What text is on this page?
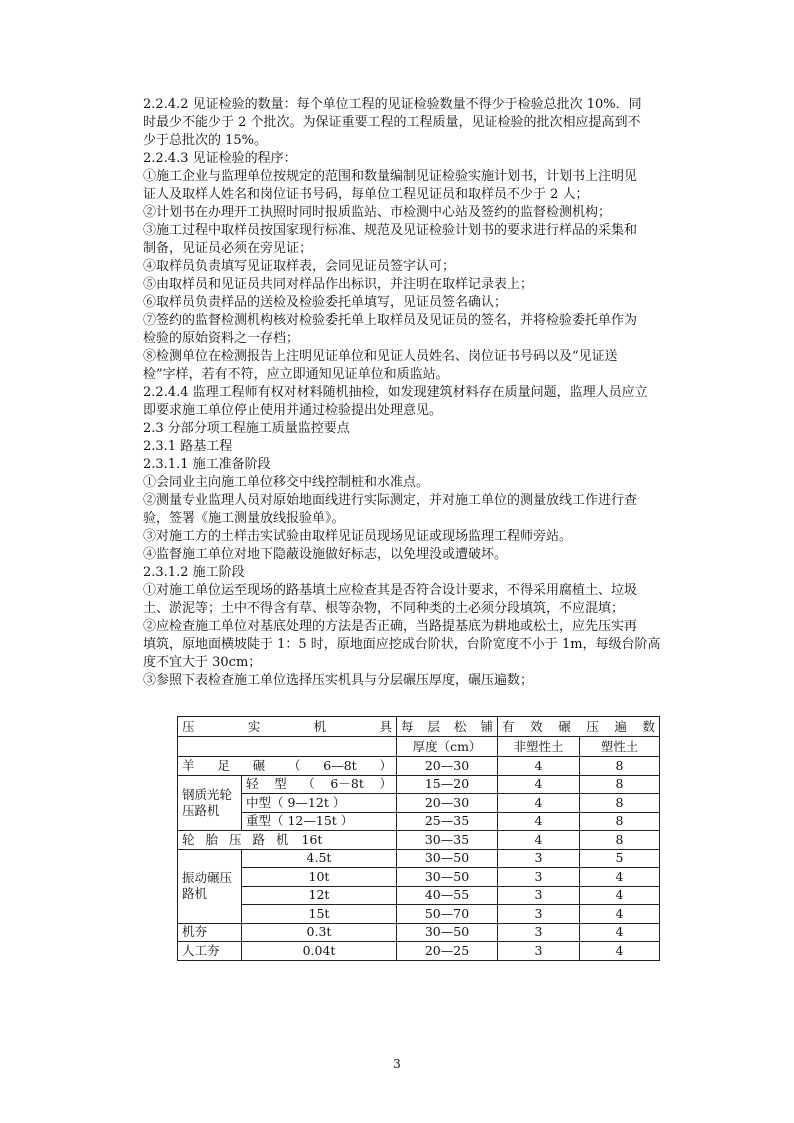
2.2.4.2 见证检验的数量：每个单位工程的见证检验数量不得少于检验总批次 10%．同
时最少不能少于 2 个批次。为保证重要工程的工程质量，见证检验的批次相应提高到不
少于总批次的 15%。
2.2.4.3 见证检验的程序：
①施工企业与监理单位按规定的范围和数量编制见证检验实施计划书，计划书上注明见
证人及取样人姓名和岗位证书号码，每单位工程见证员和取样员不少于 2 人；
②计划书在办理开工执照时同时报质监站、市检测中心站及签约的监督检测机构；
③施工过程中取样员按国家现行标准、规范及见证检验计划书的要求进行样品的采集和
制备，见证员必须在旁见证；
④取样员负责填写见证取样表，会同见证员签字认可；
⑤由取样员和见证员共同对样品作出标识，并注明在取样记录表上；
⑥取样员负责样品的送检及检验委托单填写，见证员签名确认；
⑦签约的监督检测机构核对检验委托单上取样员及见证员的签名，并将检验委托单作为
检验的原始资料之一存档；
⑧检测单位在检测报告上注明见证单位和见证人员姓名、岗位证书号码以及“见证送
检”字样，若有不符，应立即通知见证单位和质监站。
2.2.4.4 监理工程师有权对材料随机抽检，如发现建筑材料存在质量问题，监理人员应立
即要求施工单位停止使用并通过检验提出处理意见。
2.3 分部分项工程施工质量监控要点
2.3.1 路基工程
2.3.1.1 施工准备阶段
①会同业主向施工单位移交中线控制桩和水准点。
②测量专业监理人员对原始地面线进行实际测定，并对施工单位的测量放线工作进行查
验，签署《施工测量放线报验单》。
③对施工方的土样击实试验由取样见证员现场见证或现场监理工程师旁站。
④监督施工单位对地下隐蔽设施做好标志，以免埋没或遭破坏。
2.3.1.2 施工阶段
①对施工单位运至现场的路基填土应检查其是否符合设计要求，不得采用腐植土、垃圾
土、淤泥等；土中不得含有草、根等杂物，不同种类的土必须分段填筑，不应混填；
②应检查施工单位对基底处理的方法是否正确，当路提基底为耕地或松土，应先压实再
填筑，原地面横坡陡于 1：5 时，原地面应挖成台阶状，台阶宽度不小于 1m，每级台阶高
度不宜大于 30cm；
③参照下表检查施工单位选择压实机具与分层碾压厚度，碾压遍数；
压实机具		每层松铺	有效碾压遍数	
		厚度（cm）	非塑性土	塑性土
羊足碾（6—8t）		20—30	4	8
钢质光轮压路机	轻型（6－8t）	15—20	4	8
	中型（ 9—12t ）	20—30	4	8
	重型（ 12—15t ）	25—35	4	8
轮胎压路机 16t		30—35	4	8
振动碾压路机	4.5t	30—50	3	5
	10t	30—50	3	4
	12t	40—55	3	4
	15t	50—70	3	4
机夯	0.3t	30—50	3	4
人工夯	0.04t	20—25	3	4
3
